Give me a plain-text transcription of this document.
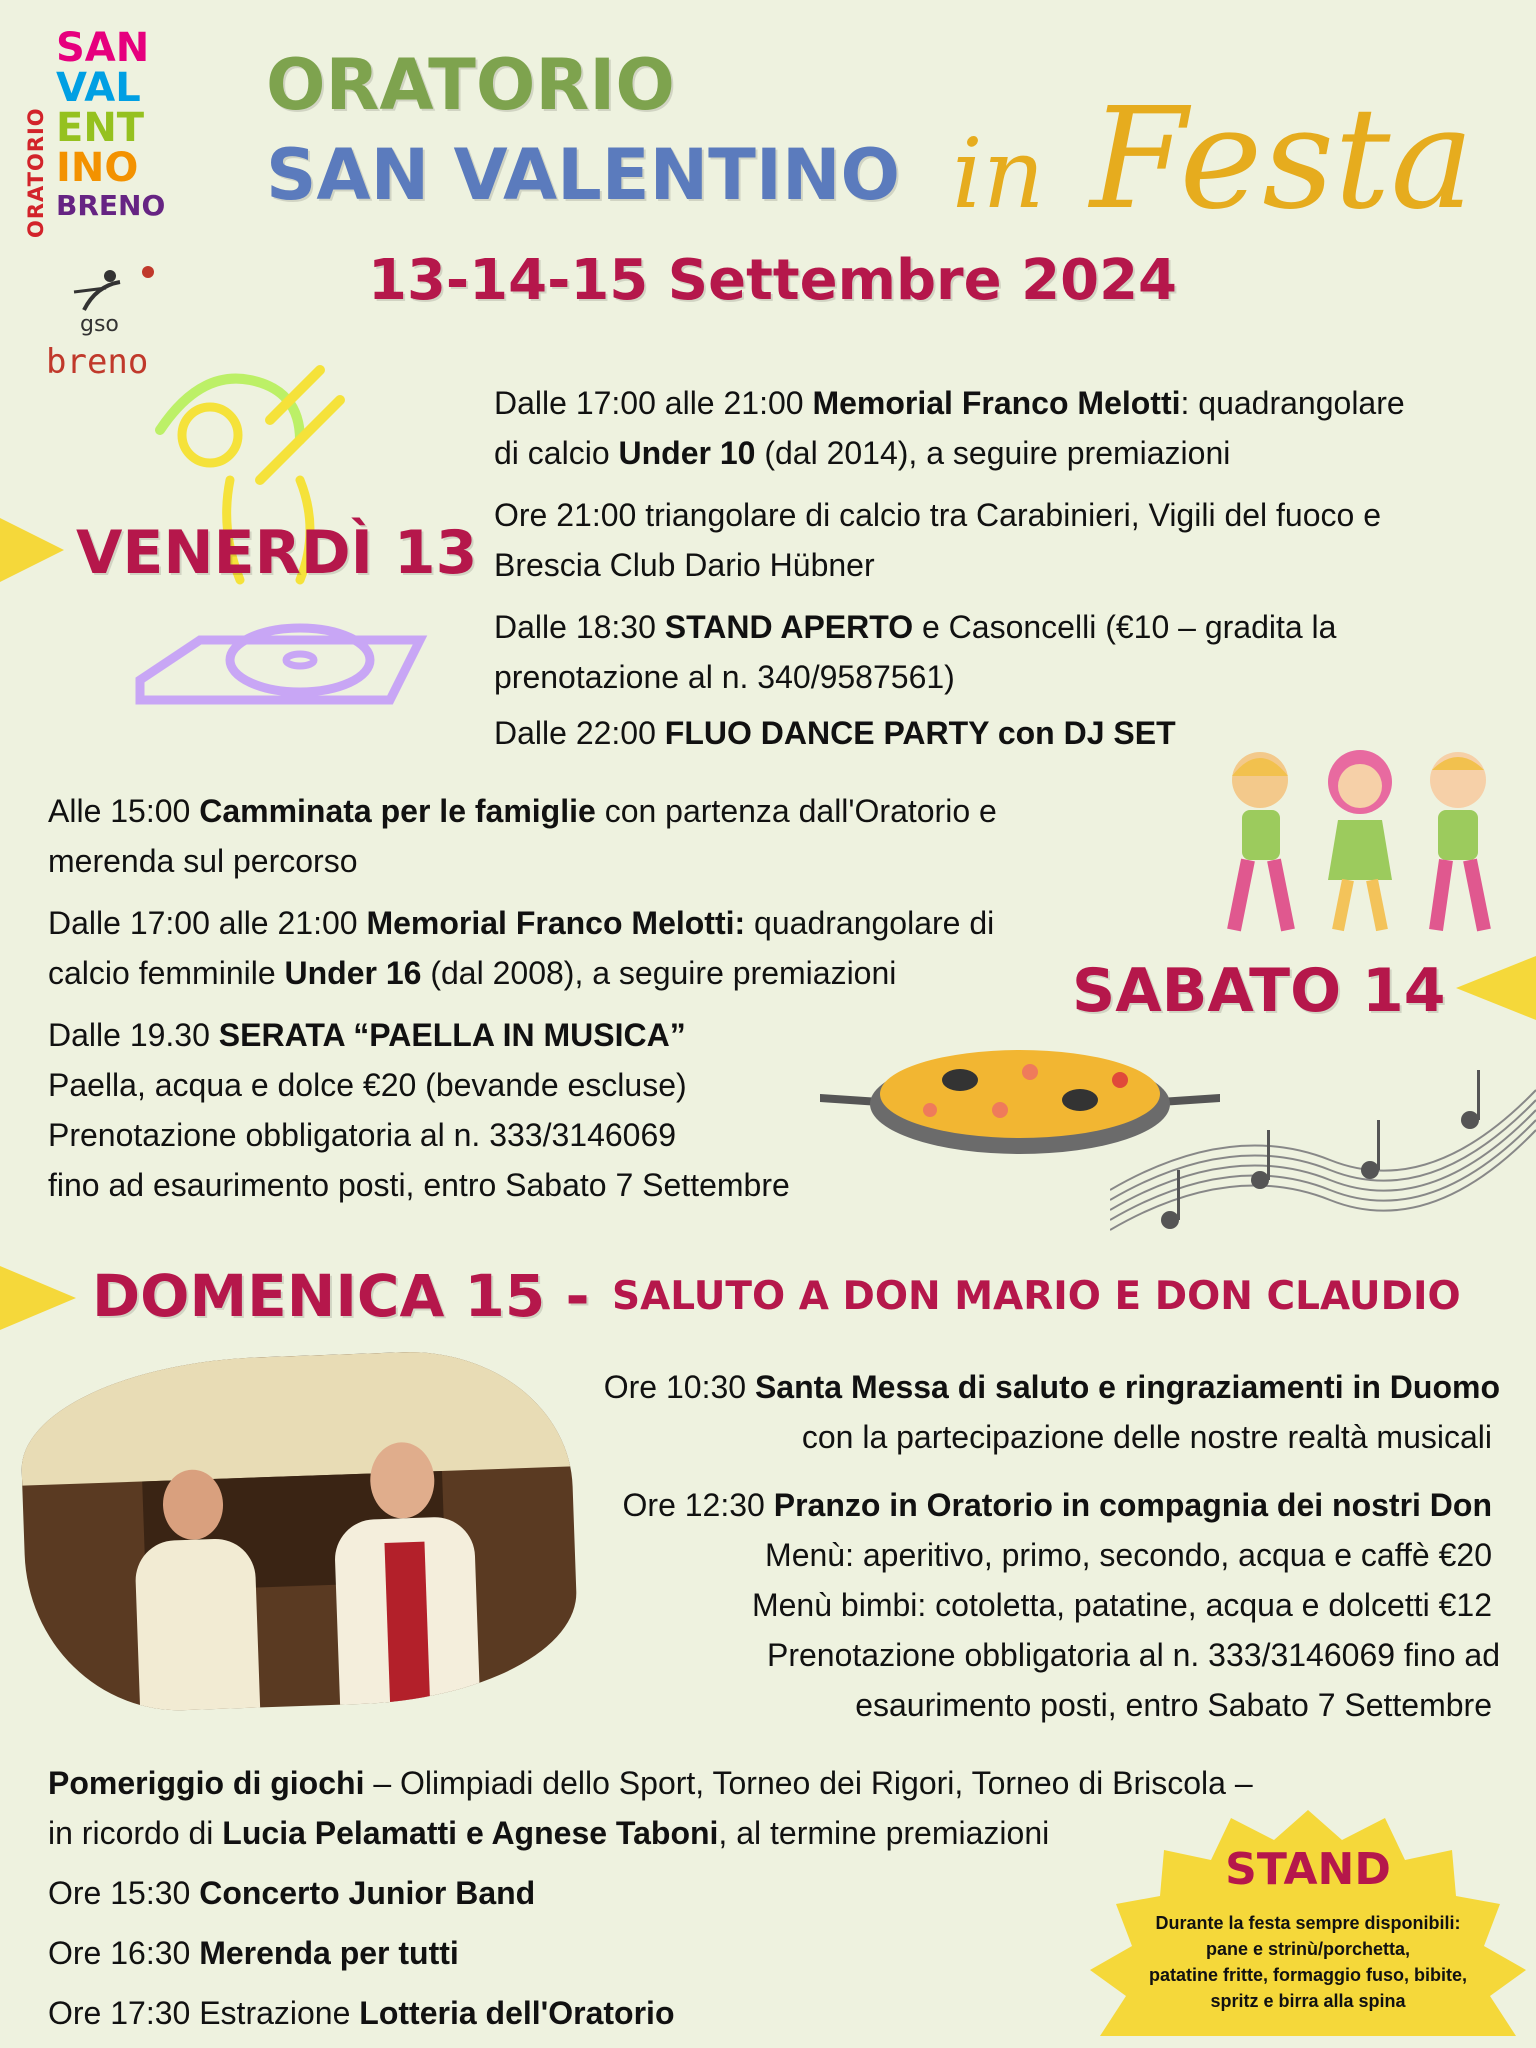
ORATORIO
SAN
VAL
ENT
INO
BRENO
gso
breno
ORATORIO
SAN VALENTINO in Festa
13-14-15 Settembre 2024
VENERDÌ 13
Dalle 17:00 alle 21:00 Memorial Franco Melotti: quadrangolare
di calcio Under 10 (dal 2014), a seguire premiazioni
Ore 21:00 triangolare di calcio tra Carabinieri, Vigili del fuoco e
Brescia Club Dario Hübner
Dalle 18:30 STAND APERTO e Casoncelli (€10 – gradita la
prenotazione al n. 340/9587561)
Dalle 22:00 FLUO DANCE PARTY con DJ SET
Alle 15:00 Camminata per le famiglie con partenza dall'Oratorio e
merenda sul percorso
Dalle 17:00 alle 21:00 Memorial Franco Melotti: quadrangolare di
calcio femminile Under 16 (dal 2008), a seguire premiazioni
Dalle 19.30 SERATA “PAELLA IN MUSICA”
Paella, acqua e dolce €20 (bevande escluse)
Prenotazione obbligatoria al n. 333/3146069
fino ad esaurimento posti, entro Sabato 7 Settembre
SABATO 14
DOMENICA 15 - SALUTO A DON MARIO E DON CLAUDIO
Ore 10:30 Santa Messa di saluto e ringraziamenti in Duomo
con la partecipazione delle nostre realtà musicali
Ore 12:30 Pranzo in Oratorio in compagnia dei nostri Don
Menù: aperitivo, primo, secondo, acqua e caffè €20
Menù bimbi: cotoletta, patatine, acqua e dolcetti €12
Prenotazione obbligatoria al n. 333/3146069 fino ad
esaurimento posti, entro Sabato 7 Settembre
Pomeriggio di giochi – Olimpiadi dello Sport, Torneo dei Rigori, Torneo di Briscola –
in ricordo di Lucia Pelamatti e Agnese Taboni, al termine premiazioni
Ore 15:30 Concerto Junior Band
Ore 16:30 Merenda per tutti
Ore 17:30 Estrazione Lotteria dell'Oratorio
STAND
Durante la festa sempre disponibili:
pane e strinù/porchetta,
patatine fritte, formaggio fuso, bibite,
spritz e birra alla spina
